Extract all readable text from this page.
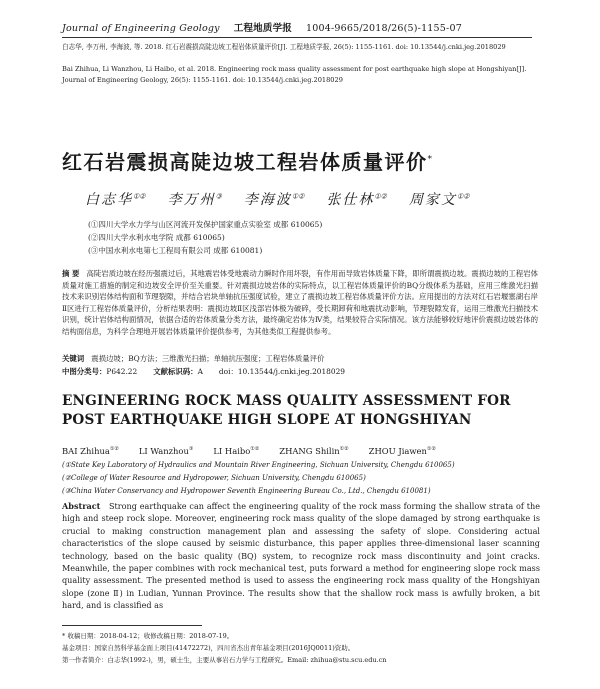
Journal of Engineering Geology 工程地质学报 1004-9665/2018/26(5)-1155-07
白志华, 李万州, 李海波, 等. 2018. 红石岩震损高陡边坡工程岩体质量评价[J]. 工程地质学报, 26(5): 1155-1161. doi: 10.13544/j.cnki.jeg.2018029
Bai Zhihua, Li Wanzhou, Li Haibo, et al. 2018. Engineering rock mass quality assessment for post earthquake high slope at Hongshiyan[J]. Journal of Engineering Geology, 26(5): 1155-1161. doi: 10.13544/j.cnki.jeg.2018029
红石岩震损高陡边坡工程岩体质量评价*
白志华①② 李万州③ 李海波①② 张仕林①② 周家文①②
(①四川大学水力学与山区河流开发保护国家重点实验室 成都 610065)
(②四川大学水利水电学院 成都 610065)
(③中国水利水电第七工程局有限公司 成都 610081)
摘 要 高陡岩质边坡在经历强震过后，其地震岩体受地震动力瞬时作用坏裂，有作用而导致岩体质量下降，即所谓震损边坡。震损边坡的工程岩体质量对施工措施的制定和边坡安全评价至关重要。针对震损边坡岩体的实际特点，以工程岩体质量评价的BQ分级体系为基础，应用三维激光扫描技术来识别岩体结构面和节理裂隙，并结合岩块单轴抗压强度试验，建立了震损边坡工程岩体质量评价方法。应用提出的方法对红石岩堰塞湖右岸Ⅱ区进行工程岩体质量评价，分析结果表明：震损边坡Ⅱ区浅部岩体极为破碎，受长期卸荷和地震扰动影响，节理裂隙发育，运用三维激光扫描技术识别，统计岩体结构面情况，依据合适的岩体质量分类方法，最终确定岩体为Ⅳ类，结果较符合实际情况。该方法能够较好地评价震损边坡岩体的结构面信息，为科学合理地开展岩体质量评价提供参考，为其他类似工程提供参考。
关键词 震损边坡；BQ方法；三维激光扫描；单轴抗压强度；工程岩体质量评价
中图分类号：P642.22 文献标识码：A doi：10.13544/j.cnki.jeg.2018029
ENGINEERING ROCK MASS QUALITY ASSESSMENT FOR POST EARTHQUAKE HIGH SLOPE AT HONGSHIYAN
BAI Zhihua①② LI Wanzhou③ LI Haibo①② ZHANG Shilin①② ZHOU Jiawen①②
(①State Key Laboratory of Hydraulics and Mountain River Engineering, Sichuan University, Chengdu 610065)
(②College of Water Resource and Hydropower, Sichuan University, Chengdu 610065)
(③China Water Conservancy and Hydropower Seventh Engineering Bureau Co., Ltd., Chengdu 610081)
Abstract Strong earthquake can affect the engineering quality of the rock mass forming the shallow strata of the high and steep rock slope. Moreover, engineering rock mass quality of the slope damaged by strong earthquake is crucial to making construction management plan and assessing the safety of slope. Considering actual characteristics of the slope caused by seismic disturbance, this paper applies three-dimensional laser scanning technology, based on the basic quality (BQ) system, to recognize rock mass discontinuity and joint cracks. Meanwhile, the paper combines with rock mechanical test, puts forward a method for engineering slope rock mass quality assessment. The presented method is used to assess the engineering rock mass quality of the Hongshiyan slope (zone Ⅱ) in Ludian, Yunnan Province. The results show that the shallow rock mass is awfully broken, a bit hard, and is classified as
* 收稿日期：2018-04-12；收修改稿日期：2018-07-19。
基金项目：国家自然科学基金面上项目(41472272)，四川省杰出青年基金项目(2016JQ0011)资助。
第一作者简介：白志华(1992-)，男，硕士生，主要从事岩石力学与工程研究。Email: zhihua@stu.scu.edu.cn
